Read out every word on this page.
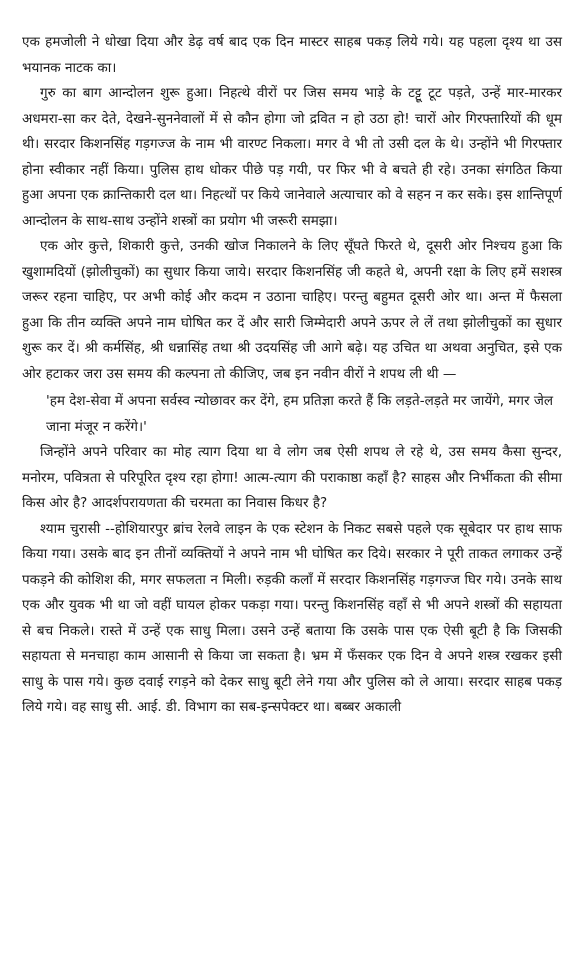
एक हमजोली ने धोखा दिया और डेढ़ वर्ष बाद एक दिन मास्टर साहब पकड़ लिये गये। यह पहला दृश्य था उस भयानक नाटक का।

गुरु का बाग आन्दोलन शुरू हुआ। निहत्थे वीरों पर जिस समय भाड़े के टट्टू टूट पड़ते, उन्हें मार-मारकर अधमरा-सा कर देते, देखने-सुननेवालों में से कौन होगा जो द्रवित न हो उठा हो! चारों ओर गिरफ्तारियों की धूम थी। सरदार किशनसिंह गड़गज्ज के नाम भी वारण्ट निकला। मगर वे भी तो उसी दल के थे। उन्होंने भी गिरफ्तार होना स्वीकार नहीं किया। पुलिस हाथ धोकर पीछे पड़ गयी, पर फिर भी वे बचते ही रहे। उनका संगठित किया हुआ अपना एक क्रान्तिकारी दल था। निहत्थों पर किये जानेवाले अत्याचार को वे सहन न कर सके। इस शान्तिपूर्ण आन्दोलन के साथ-साथ उन्होंने शस्त्रों का प्रयोग भी जरूरी समझा।

एक ओर कुत्ते, शिकारी कुत्ते, उनकी खोज निकालने के लिए सूँघते फिरते थे, दूसरी ओर निश्चय हुआ कि खुशामदियों (झोलीचुकों) का सुधार किया जाये। सरदार किशनसिंह जी कहते थे, अपनी रक्षा के लिए हमें सशस्त्र जरूर रहना चाहिए, पर अभी कोई और कदम न उठाना चाहिए। परन्तु बहुमत दूसरी ओर था। अन्त में फैसला हुआ कि तीन व्यक्ति अपने नाम घोषित कर दें और सारी जिम्मेदारी अपने ऊपर ले लें तथा झोलीचुकों का सुधार शुरू कर दें। श्री कर्मसिंह, श्री धन्नासिंह तथा श्री उदयसिंह जी आगे बढ़े। यह उचित था अथवा अनुचित, इसे एक ओर हटाकर जरा उस समय की कल्पना तो कीजिए, जब इन नवीन वीरों ने शपथ ली थी —

'हम देश-सेवा में अपना सर्वस्व न्योछावर कर देंगे, हम प्रतिज्ञा करते हैं कि लड़ते-लड़ते मर जायेंगे, मगर जेल जाना मंजूर न करेंगे।'

जिन्होंने अपने परिवार का मोह त्याग दिया था वे लोग जब ऐसी शपथ ले रहे थे, उस समय कैसा सुन्दर, मनोरम, पवित्रता से परिपूरित दृश्य रहा होगा! आत्म-त्याग की पराकाष्ठा कहाँ है? साहस और निर्भीकता की सीमा किस ओर है? आदर्शपरायणता की चरमता का निवास किधर है?

श्याम चुरासी --होशियारपुर ब्रांच रेलवे लाइन के एक स्टेशन के निकट सबसे पहले एक सूबेदार पर हाथ साफ किया गया। उसके बाद इन तीनों व्यक्तियों ने अपने नाम भी घोषित कर दिये। सरकार ने पूरी ताकत लगाकर उन्हें पकड़ने की कोशिश की, मगर सफलता न मिली। रुड़की कलाँ में सरदार किशनसिंह गड़गज्ज घिर गये। उनके साथ एक और युवक भी था जो वहीं घायल होकर पकड़ा गया। परन्तु किशनसिंह वहाँ से भी अपने शस्त्रों की सहायता से बच निकले। रास्ते में उन्हें एक साधु मिला। उसने उन्हें बताया कि उसके पास एक ऐसी बूटी है कि जिसकी सहायता से मनचाहा काम आसानी से किया जा सकता है। भ्रम में फँसकर एक दिन वे अपने शस्त्र रखकर इसी साधु के पास गये। कुछ दवाई रगड़ने को देकर साधु बूटी लेने गया और पुलिस को ले आया। सरदार साहब पकड़ लिये गये। वह साधु सी. आई. डी. विभाग का सब-इन्सपेक्टर था। बब्बर अकाली
